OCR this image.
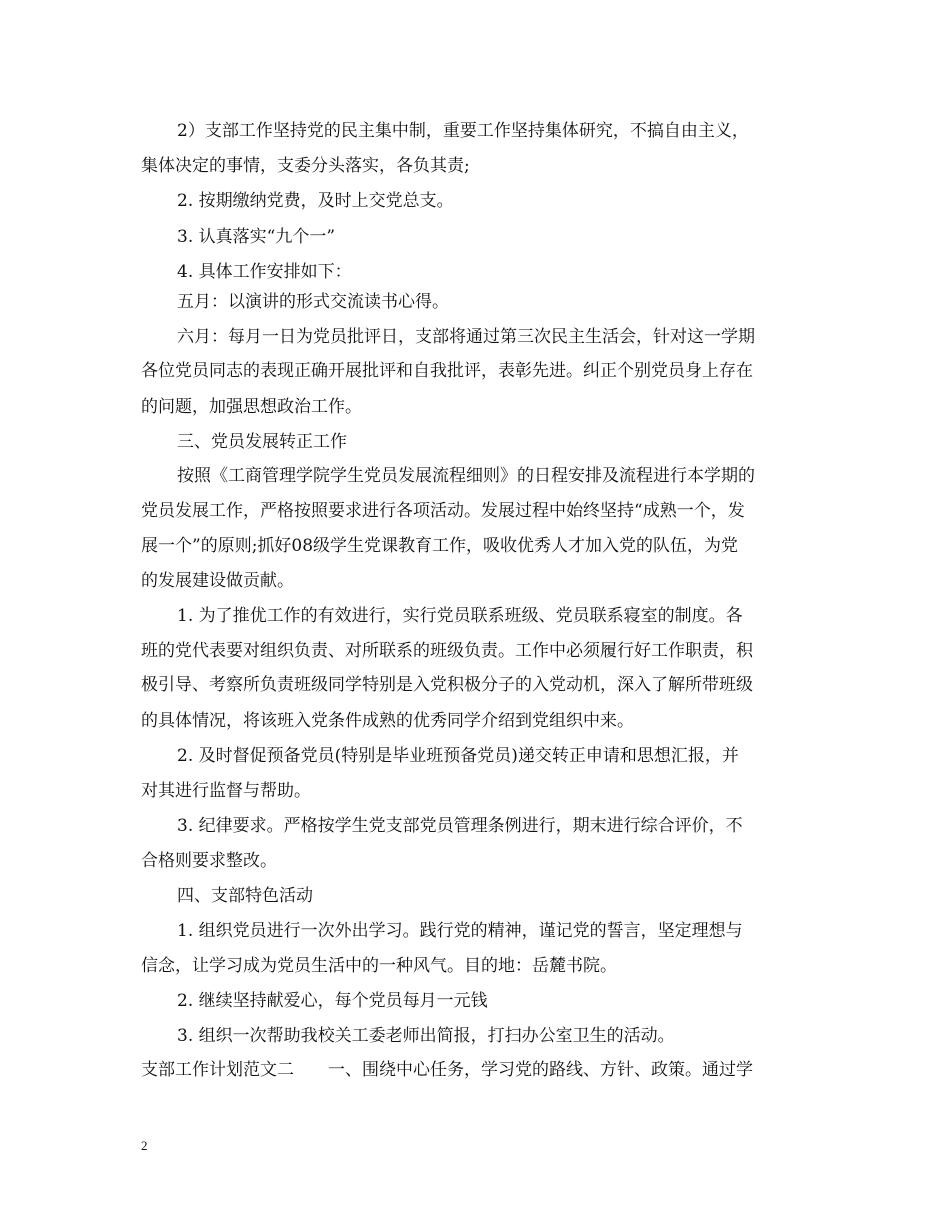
2）支部工作坚持党的民主集中制，重要工作坚持集体研究，不搞自由主义，
集体决定的事情，支委分头落实，各负其责;
2. 按期缴纳党费，及时上交党总支。
3. 认真落实“九个一”
4. 具体工作安排如下：
五月：以演讲的形式交流读书心得。
六月：每月一日为党员批评日，支部将通过第三次民主生活会，针对这一学期
各位党员同志的表现正确开展批评和自我批评，表彰先进。纠正个别党员身上存在
的问题，加强思想政治工作。
三、党员发展转正工作
按照《工商管理学院学生党员发展流程细则》的日程安排及流程进行本学期的
党员发展工作，严格按照要求进行各项活动。发展过程中始终坚持“成熟一个，发
展一个”的原则;抓好08级学生党课教育工作，吸收优秀人才加入党的队伍，为党
的发展建设做贡献。
1. 为了推优工作的有效进行，实行党员联系班级、党员联系寝室的制度。各
班的党代表要对组织负责、对所联系的班级负责。工作中必须履行好工作职责，积
极引导、考察所负责班级同学特别是入党积极分子的入党动机，深入了解所带班级
的具体情况，将该班入党条件成熟的优秀同学介绍到党组织中来。
2. 及时督促预备党员(特别是毕业班预备党员)递交转正申请和思想汇报，并
对其进行监督与帮助。
3. 纪律要求。严格按学生党支部党员管理条例进行，期末进行综合评价，不
合格则要求整改。
四、支部特色活动
1. 组织党员进行一次外出学习。践行党的精神，谨记党的誓言，坚定理想与
信念，让学习成为党员生活中的一种风气。目的地：岳麓书院。
2. 继续坚持献爱心，每个党员每月一元钱
3. 组织一次帮助我校关工委老师出简报，打扫办公室卫生的活动。
支部工作计划范文二　　一、围绕中心任务，学习党的路线、方针、政策。通过学
2
